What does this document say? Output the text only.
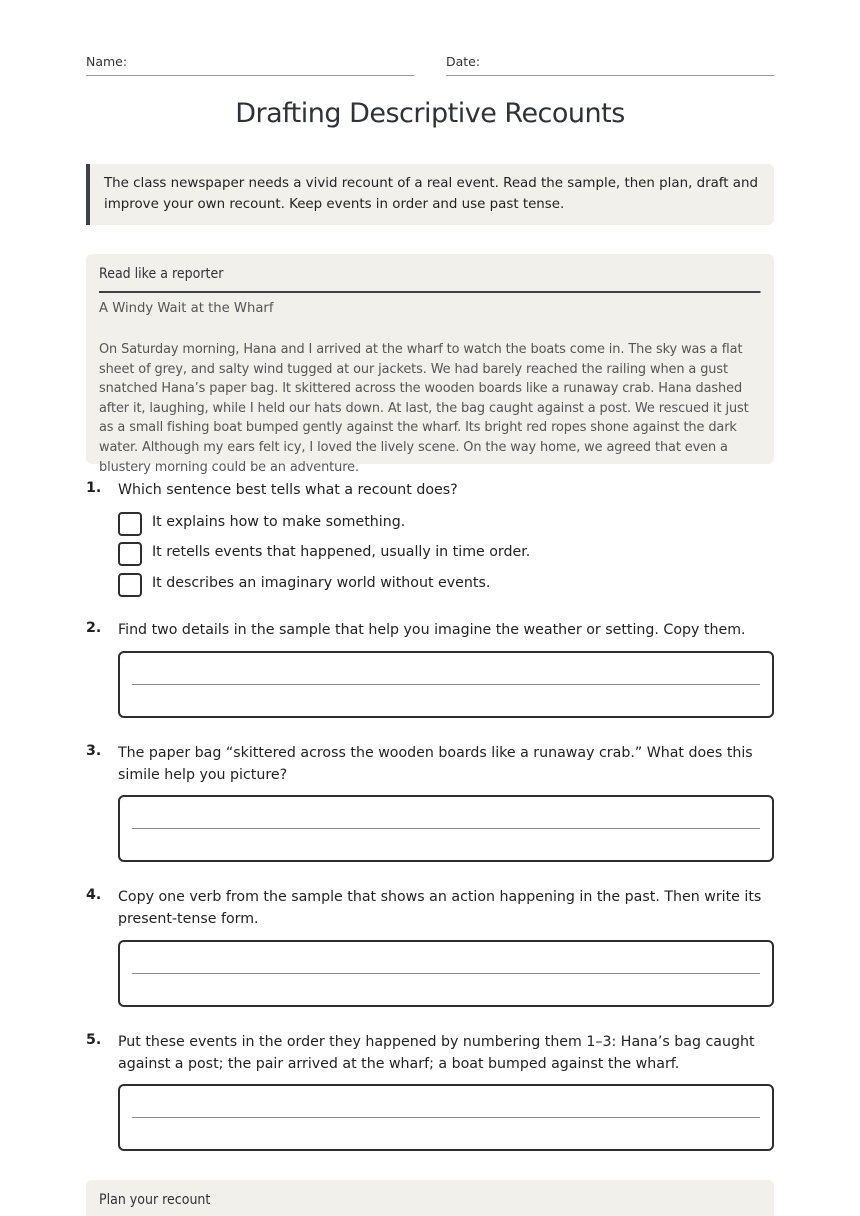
Name:	Date:
Drafting Descriptive Recounts
The class newspaper needs a vivid recount of a real event. Read the sample, then plan, draft and improve your own recount. Keep events in order and use past tense.
Read like a reporter
A Windy Wait at the Wharf
On Saturday morning, Hana and I arrived at the wharf to watch the boats come in. The sky was a flat sheet of grey, and salty wind tugged at our jackets. We had barely reached the railing when a gust snatched Hana’s paper bag. It skittered across the wooden boards like a runaway crab. Hana dashed after it, laughing, while I held our hats down. At last, the bag caught against a post. We rescued it just as a small fishing boat bumped gently against the wharf. Its bright red ropes shone against the dark water. Although my ears felt icy, I loved the lively scene. On the way home, we agreed that even a blustery morning could be an adventure.
1. Which sentence best tells what a recount does?
It explains how to make something.
It retells events that happened, usually in time order.
It describes an imaginary world without events.
2. Find two details in the sample that help you imagine the weather or setting. Copy them.
3. The paper bag “skittered across the wooden boards like a runaway crab.” What does this simile help you picture?
4. Copy one verb from the sample that shows an action happening in the past. Then write its present-tense form.
5. Put these events in the order they happened by numbering them 1–3: Hana’s bag caught against a post; the pair arrived at the wharf; a boat bumped against the wharf.
Plan your recount
